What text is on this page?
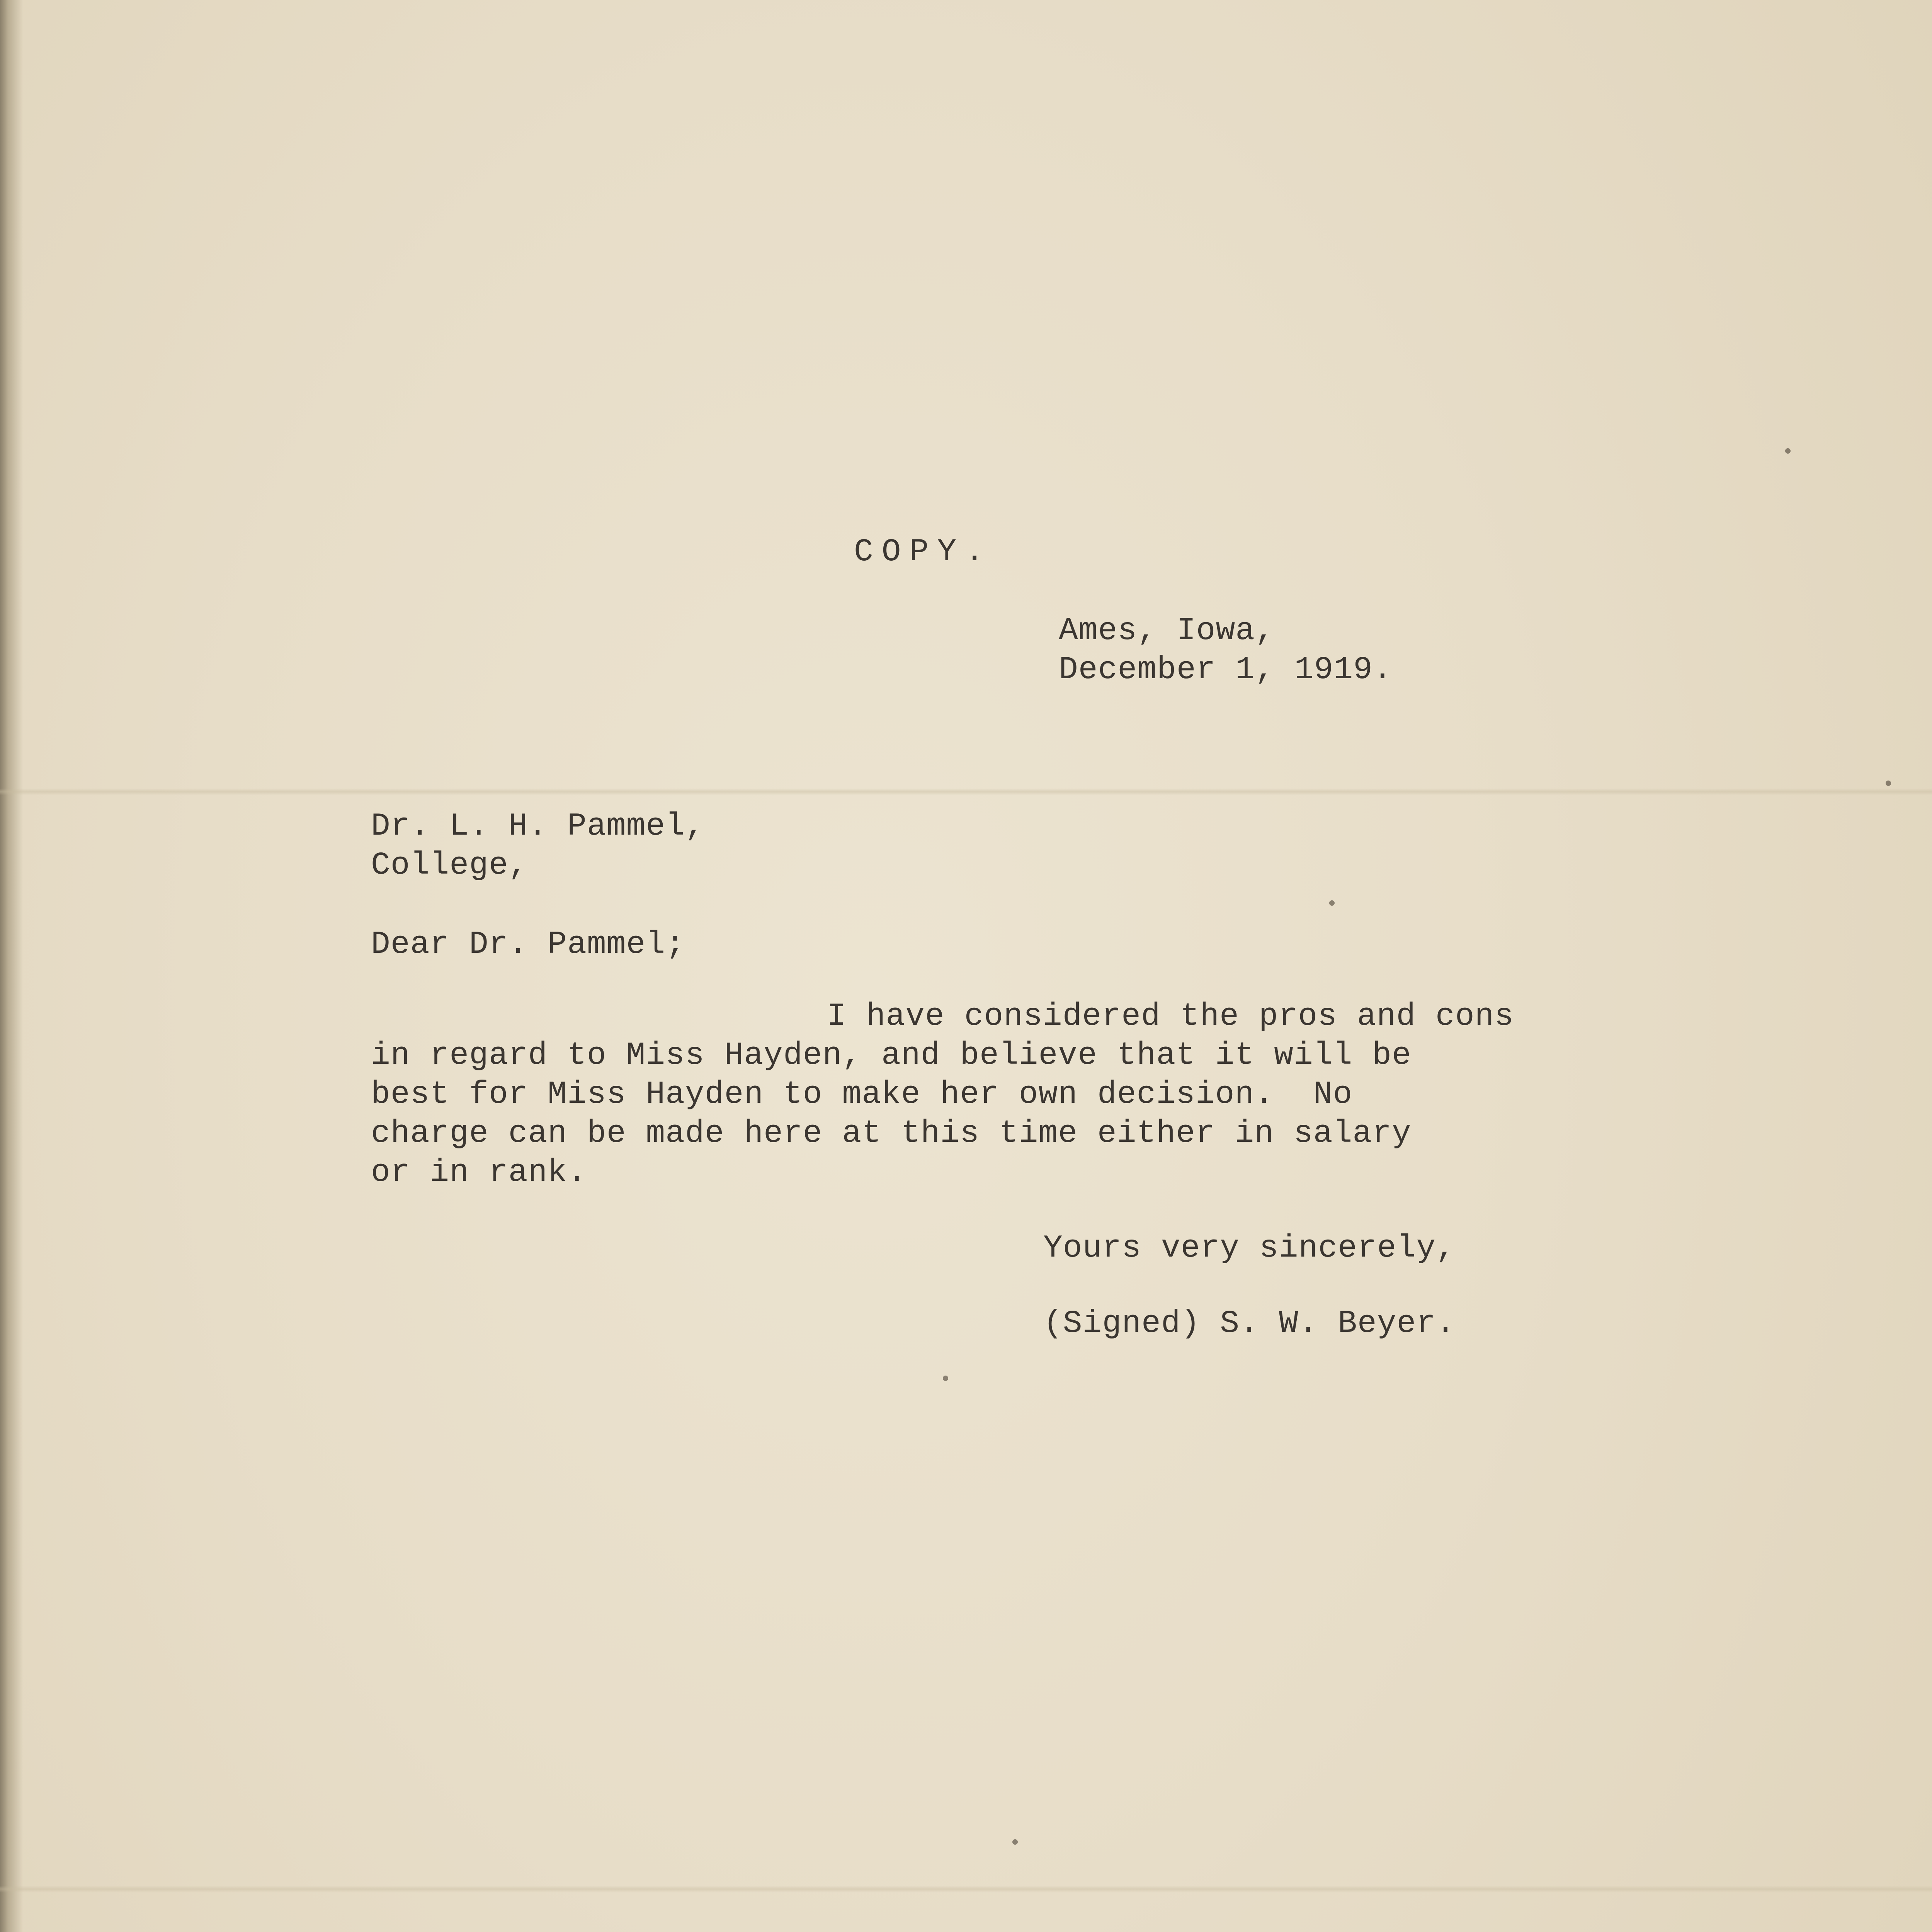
COPY.

Ames, Iowa,

December 1, 1919.

Dr. L. H. Pammel,

College,

Dear Dr. Pammel;

I have considered the pros and cons

in regard to Miss Hayden, and believe that it will be

best for Miss Hayden to make her own decision.  No

charge can be made here at this time either in salary

or in rank.

Yours very sincerely,

(Signed) S. W. Beyer.
